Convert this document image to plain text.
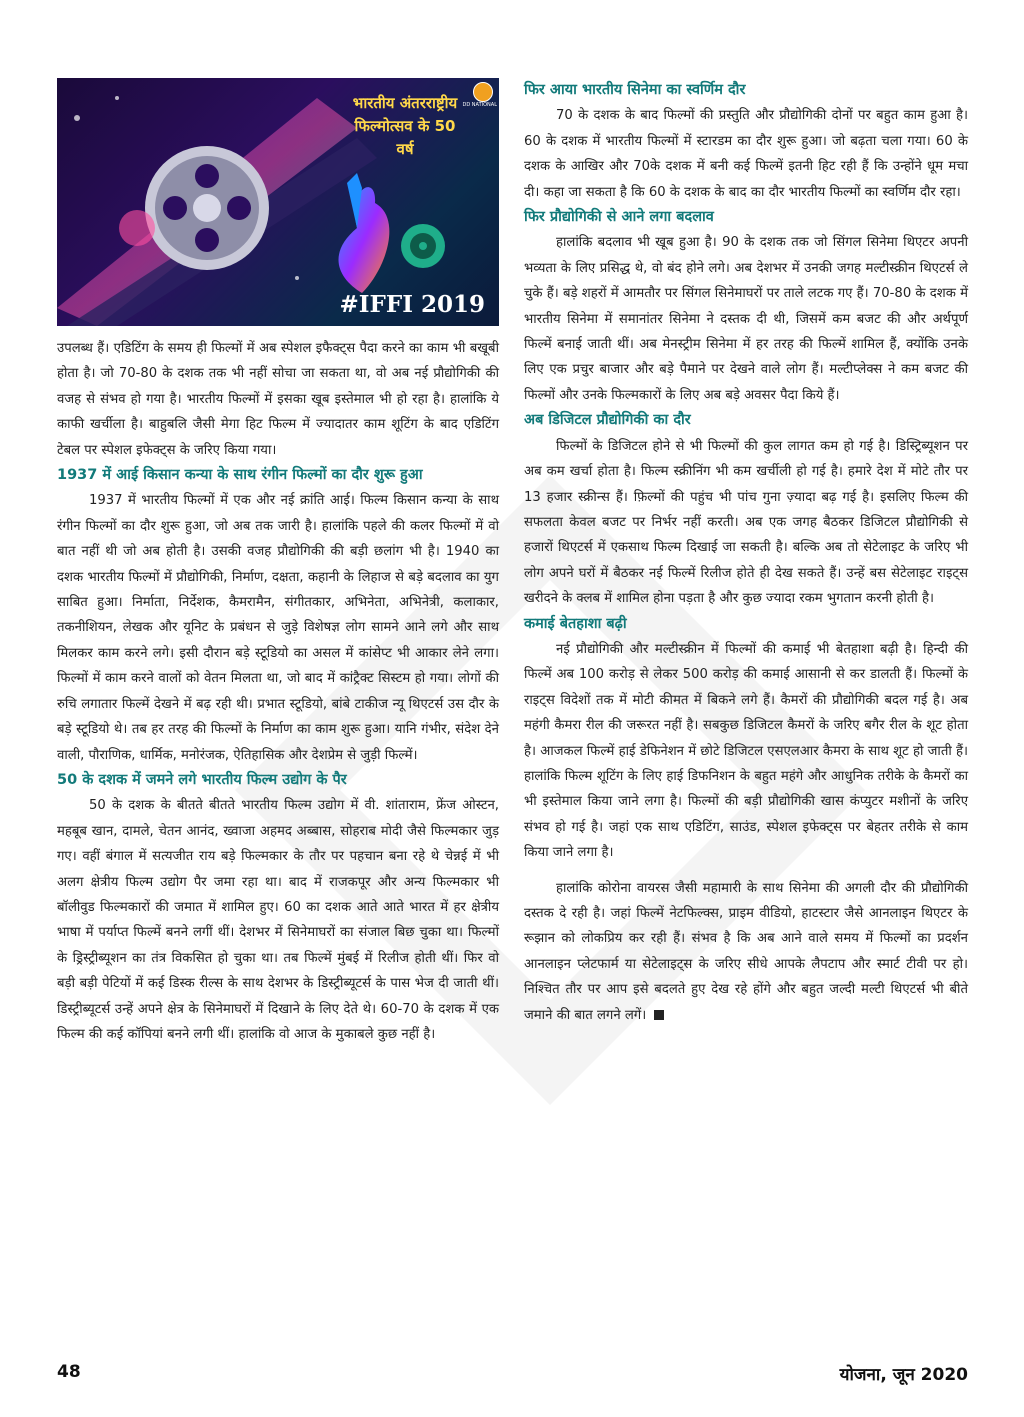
भारतीय अंतरराष्ट्रीय फिल्मोत्सव के 50 वर्ष
DD NATIONAL
#IFFI 2019

उपलब्ध हैं। एडिटिंग के समय ही फिल्मों में अब स्पेशल इफैक्ट्स पैदा करने का काम भी बखूबी होता है। जो 70-80 के दशक तक भी नहीं सोचा जा सकता था, वो अब नई प्रौद्योगिकी की वजह से संभव हो गया है। भारतीय फिल्मों में इसका खूब इस्तेमाल भी हो रहा है। हालांकि ये काफी खर्चीला है। बाहुबलि जैसी मेगा हिट फिल्म में ज्यादातर काम शूटिंग के बाद एडिटिंग टेबल पर स्पेशल इफेक्ट्स के जरिए किया गया।

1937 में आई किसान कन्या के साथ रंगीन फिल्मों का दौर शुरू हुआ

1937 में भारतीय फिल्मों में एक और नई क्रांति आई। फिल्म किसान कन्या के साथ रंगीन फिल्मों का दौर शुरू हुआ, जो अब तक जारी है। हालांकि पहले की कलर फिल्मों में वो बात नहीं थी जो अब होती है। उसकी वजह प्रौद्योगिकी की बड़ी छलांग भी है। 1940 का दशक भारतीय फिल्मों में प्रौद्योगिकी, निर्माण, दक्षता, कहानी के लिहाज से बड़े बदलाव का युग साबित हुआ। निर्माता, निर्देशक, कैमरामैन, संगीतकार, अभिनेता, अभिनेत्री, कलाकार, तकनीशियन, लेखक और यूनिट के प्रबंधन से जुड़े विशेषज्ञ लोग सामने आने लगे और साथ मिलकर काम करने लगे। इसी दौरान बड़े स्टूडियो का असल में कांसेप्ट भी आकार लेने लगा। फिल्मों में काम करने वालों को वेतन मिलता था, जो बाद में कांट्रैक्ट सिस्टम हो गया। लोगों की रुचि लगातार फिल्में देखने में बढ़ रही थी। प्रभात स्टूडियो, बांबे टाकीज न्यू थिएटर्स उस दौर के बड़े स्टूडियो थे। तब हर तरह की फिल्मों के निर्माण का काम शुरू हुआ। यानि गंभीर, संदेश देने वाली, पौराणिक, धार्मिक, मनोरंजक, ऐतिहासिक और देशप्रेम से जुड़ी फिल्में।

50 के दशक में जमने लगे भारतीय फिल्म उद्योग के पैर

50 के दशक के बीतते बीतते भारतीय फिल्म उद्योग में वी. शांताराम, फ्रेंज ओस्टन, महबूब खान, दामले, चेतन आनंद, ख्वाजा अहमद अब्बास, सोहराब मोदी जैसे फिल्मकार जुड़ गए। वहीं बंगाल में सत्यजीत राय बड़े फिल्मकार के तौर पर पहचान बना रहे थे चेन्नई में भी अलग क्षेत्रीय फिल्म उद्योग पैर जमा रहा था। बाद में राजकपूर और अन्य फिल्मकार भी बॉलीवुड फिल्मकारों की जमात में शामिल हुए। 60 का दशक आते आते भारत में हर क्षेत्रीय भाषा में पर्याप्त फिल्में बनने लगीं थीं। देशभर में सिनेमाघरों का संजाल बिछ चुका था। फिल्मों के ड्रिस्ट्रीब्यूशन का तंत्र विकसित हो चुका था। तब फिल्में मुंबई में रिलीज होती थीं। फिर वो बड़ी बड़ी पेटियों में कई डिस्क रील्स के साथ देशभर के डिस्ट्रीब्यूटर्स के पास भेज दी जाती थीं। डिस्ट्रीब्यूटर्स उन्हें अपने क्षेत्र के सिनेमाघरों में दिखाने के लिए देते थे। 60-70 के दशक में एक फिल्म की कई कॉपियां बनने लगी थीं। हालांकि वो आज के मुकाबले कुछ नहीं है।

फिर आया भारतीय सिनेमा का स्वर्णिम दौर

70 के दशक के बाद फिल्मों की प्रस्तुति और प्रौद्योगिकी दोनों पर बहुत काम हुआ है। 60 के दशक में भारतीय फिल्मों में स्टारडम का दौर शुरू हुआ। जो बढ़ता चला गया। 60 के दशक के आखिर और 70के दशक में बनी कई फिल्में इतनी हिट रही हैं कि उन्होंने धूम मचा दी। कहा जा सकता है कि 60 के दशक के बाद का दौर भारतीय फिल्मों का स्वर्णिम दौर रहा।

फिर प्रौद्योगिकी से आने लगा बदलाव

हालांकि बदलाव भी खूब हुआ है। 90 के दशक तक जो सिंगल सिनेमा थिएटर अपनी भव्यता के लिए प्रसिद्ध थे, वो बंद होने लगे। अब देशभर में उनकी जगह मल्टीस्क्रीन थिएटर्स ले चुके हैं। बड़े शहरों में आमतौर पर सिंगल सिनेमाघरों पर ताले लटक गए हैं। 70-80 के दशक में भारतीय सिनेमा में समानांतर सिनेमा ने दस्तक दी थी, जिसमें कम बजट की और अर्थपूर्ण फिल्में बनाई जाती थीं। अब मेनस्ट्रीम सिनेमा में हर तरह की फिल्में शामिल हैं, क्योंकि उनके लिए एक प्रचुर बाजार और बड़े पैमाने पर देखने वाले लोग हैं। मल्टीप्लेक्स ने कम बजट की फिल्मों और उनके फिल्मकारों के लिए अब बड़े अवसर पैदा किये हैं।

अब डिजिटल प्रौद्योगिकी का दौर

फिल्मों के डिजिटल होने से भी फिल्मों की कुल लागत कम हो गई है। डिस्ट्रिब्यूशन पर अब कम खर्चा होता है। फिल्म स्क्रीनिंग भी कम खर्चीली हो गई है। हमारे देश में मोटे तौर पर 13 हजार स्क्रीन्स हैं। फ़िल्मों की पहुंच भी पांच गुना ज़्यादा बढ़ गई है। इसलिए फिल्म की सफलता केवल बजट पर निर्भर नहीं करती। अब एक जगह बैठकर डिजिटल प्रौद्योगिकी से हजारों थिएटर्स में एकसाथ फिल्म दिखाई जा सकती है। बल्कि अब तो सेटेलाइट के जरिए भी लोग अपने घरों में बैठकर नई फिल्में रिलीज होते ही देख सकते हैं। उन्हें बस सेटेलाइट राइट्स खरीदने के क्लब में शामिल होना पड़ता है और कुछ ज्यादा रकम भुगतान करनी होती है।

कमाई बेतहाशा बढ़ी

नई प्रौद्योगिकी और मल्टीस्क्रीन में फिल्मों की कमाई भी बेतहाशा बढ़ी है। हिन्दी की फिल्में अब 100 करोड़ से लेकर 500 करोड़ की कमाई आसानी से कर डालती हैं। फिल्मों के राइट्स विदेशों तक में मोटी कीमत में बिकने लगे हैं। कैमरों की प्रौद्योगिकी बदल गई है। अब महंगी कैमरा रील की जरूरत नहीं है। सबकुछ डिजिटल कैमरों के जरिए बगैर रील के शूट होता है। आजकल फिल्में हाई डेफिनेशन में छोटे डिजिटल एसएलआर कैमरा के साथ शूट हो जाती हैं। हालांकि फिल्म शूटिंग के लिए हाई डिफनिशन के बहुत महंगे और आधुनिक तरीके के कैमरों का भी इस्तेमाल किया जाने लगा है। फिल्मों की बड़ी प्रौद्योगिकी खास कंप्युटर मशीनों के जरिए संभव हो गई है। जहां एक साथ एडिटिंग, साउंड, स्पेशल इफेक्ट्स पर बेहतर तरीके से काम किया जाने लगा है।

हालांकि कोरोना वायरस जैसी महामारी के साथ सिनेमा की अगली दौर की प्रौद्योगिकी दस्तक दे रही है। जहां फिल्में नेटफिल्क्स, प्राइम वीडियो, हाटस्टार जैसे आनलाइन थिएटर के रूझान को लोकप्रिय कर रही हैं। संभव है कि अब आने वाले समय में फिल्मों का प्रदर्शन आनलाइन प्लेटफार्म या सेटेलाइट्स के जरिए सीधे आपके लैपटाप और स्मार्ट टीवी पर हो। निश्चित तौर पर आप इसे बदलते हुए देख रहे होंगे और बहुत जल्दी मल्टी थिएटर्स भी बीते जमाने की बात लगने लगें।

48	योजना, जून 2020
